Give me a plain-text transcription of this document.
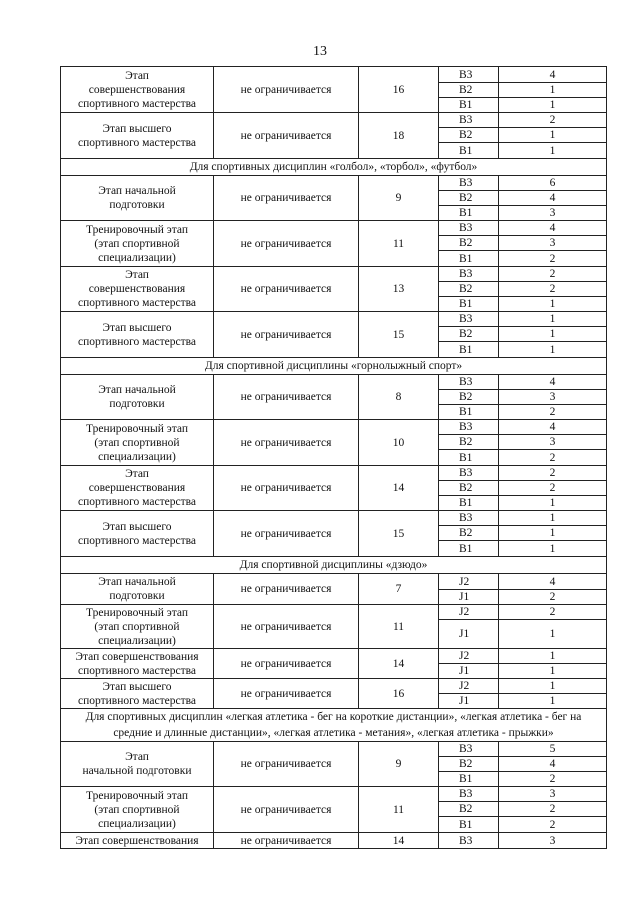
13
Этап
совершенствования
спортивного мастерства	не ограничивается	16	В3	4
			В2	1
			В1	1

Этап высшего
спортивного мастерства	не ограничивается	18	В3	2
			В2	1
			В1	1
Для спортивных дисциплин «голбол», «торбол», «футбол»				

Этап начальной
подготовки	не ограничивается	9	В3	6
			В2	4
			В1	3

Тренировочный этап
(этап спортивной
специализации)	не ограничивается	11	В3	4
			В2	3
			В1	2

Этап
совершенствования
спортивного мастерства	не ограничивается	13	В3	2
			В2	2
			В1	1

Этап высшего
спортивного мастерства	не ограничивается	15	В3	1
			В2	1
			В1	1
Для спортивной дисциплины «горнолыжный спорт»				

Этап начальной
подготовки	не ограничивается	8	В3	4
			В2	3
			В1	2

Тренировочный этап
(этап спортивной
специализации)	не ограничивается	10	В3	4
			В2	3
			В1	2

Этап
совершенствования
спортивного мастерства	не ограничивается	14	В3	2
			В2	2
			В1	1

Этап высшего
спортивного мастерства	не ограничивается	15	В3	1
			В2	1
			В1	1
Для спортивной дисциплины «дзюдо»				

Этап начальной
подготовки	не ограничивается	7	J2	4
			J1	2

Тренировочный этап
(этап спортивной
специализации)	не ограничивается	11	J2	2
			J1	1

Этап совершенствования
спортивного мастерства	не ограничивается	14	J2	1
			J1	1

Этап высшего
спортивного мастерства	не ограничивается	16	J2	1
			J1	1
Для спортивных дисциплин «легкая атлетика - бег на короткие дистанции», «легкая атлетика - бег на средние и длинные дистанции», «легкая атлетика - метания», «легкая атлетика - прыжки»				

Этап
начальной подготовки	не ограничивается	9	В3	5
			В2	4
			В1	2

Тренировочный этап
(этап спортивной
специализации)	не ограничивается	11	В3	3
			В2	2
			В1	2

Этап совершенствования	не ограничивается	14	В3	3
